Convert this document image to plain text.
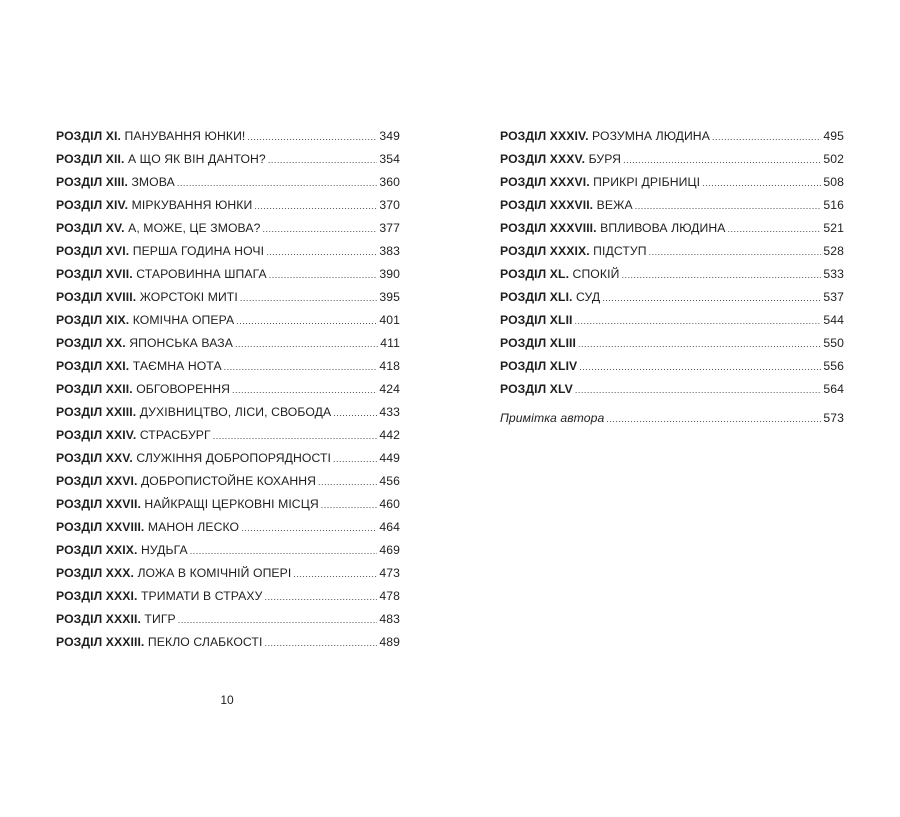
РОЗДІЛ XI. ПАНУВАННЯ ЮНКИ! .....	349
РОЗДІЛ XII. А ЩО ЯК ВІН ДАНТОН? .....	354
РОЗДІЛ XIII. ЗМОВА .....	360
РОЗДІЛ XIV. МІРКУВАННЯ ЮНКИ .....	370
РОЗДІЛ XV. А, МОЖЕ, ЦЕ ЗМОВА? .....	377
РОЗДІЛ XVI. ПЕРША ГОДИНА НОЧІ .....	383
РОЗДІЛ XVII. СТАРОВИННА ШПАГА .....	390
РОЗДІЛ XVIII. ЖОРСТОКІ МИТІ .....	395
РОЗДІЛ XIX. КОМІЧНА ОПЕРА .....	401
РОЗДІЛ XX. ЯПОНСЬКА ВАЗА .....	411
РОЗДІЛ XXI. ТАЄМНА НОТА .....	418
РОЗДІЛ XXII. ОБГОВОРЕННЯ .....	424
РОЗДІЛ XXIII. ДУХІВНИЦТВО, ЛІСИ, СВОБОДА .....	433
РОЗДІЛ XXIV. СТРАСБУРГ .....	442
РОЗДІЛ XXV. СЛУЖІННЯ ДОБРОПОРЯДНОСТІ .....	449
РОЗДІЛ XXVI. ДОБРОПИСТОЙНЕ КОХАННЯ .....	456
РОЗДІЛ XXVII. НАЙКРАЩІ ЦЕРКОВНІ МІСЦЯ .....	460
РОЗДІЛ XXVIII. МАНОН ЛЕСКО .....	464
РОЗДІЛ XXIX. НУДЬГА .....	469
РОЗДІЛ XXX. ЛОЖА В КОМІЧНІЙ ОПЕРІ .....	473
РОЗДІЛ XXXI. ТРИМАТИ В СТРАХУ .....	478
РОЗДІЛ XXXII. ТИГР .....	483
РОЗДІЛ XXXIII. ПЕКЛО СЛАБКОСТІ .....	489
РОЗДІЛ XXXIV. РОЗУМНА ЛЮДИНА .....	495
РОЗДІЛ XXXV. БУРЯ .....	502
РОЗДІЛ XXXVI. ПРИКРІ ДРІБНИЦІ .....	508
РОЗДІЛ XXXVII. ВЕЖА .....	516
РОЗДІЛ XXXVIII. ВПЛИВОВА ЛЮДИНА .....	521
РОЗДІЛ XXXIX. ПІДСТУП .....	528
РОЗДІЛ XL. СПОКІЙ .....	533
РОЗДІЛ XLI. СУД .....	537
РОЗДІЛ XLII .....	544
РОЗДІЛ XLIII .....	550
РОЗДІЛ XLIV .....	556
РОЗДІЛ XLV .....	564
Примітка автора .....	573
10
